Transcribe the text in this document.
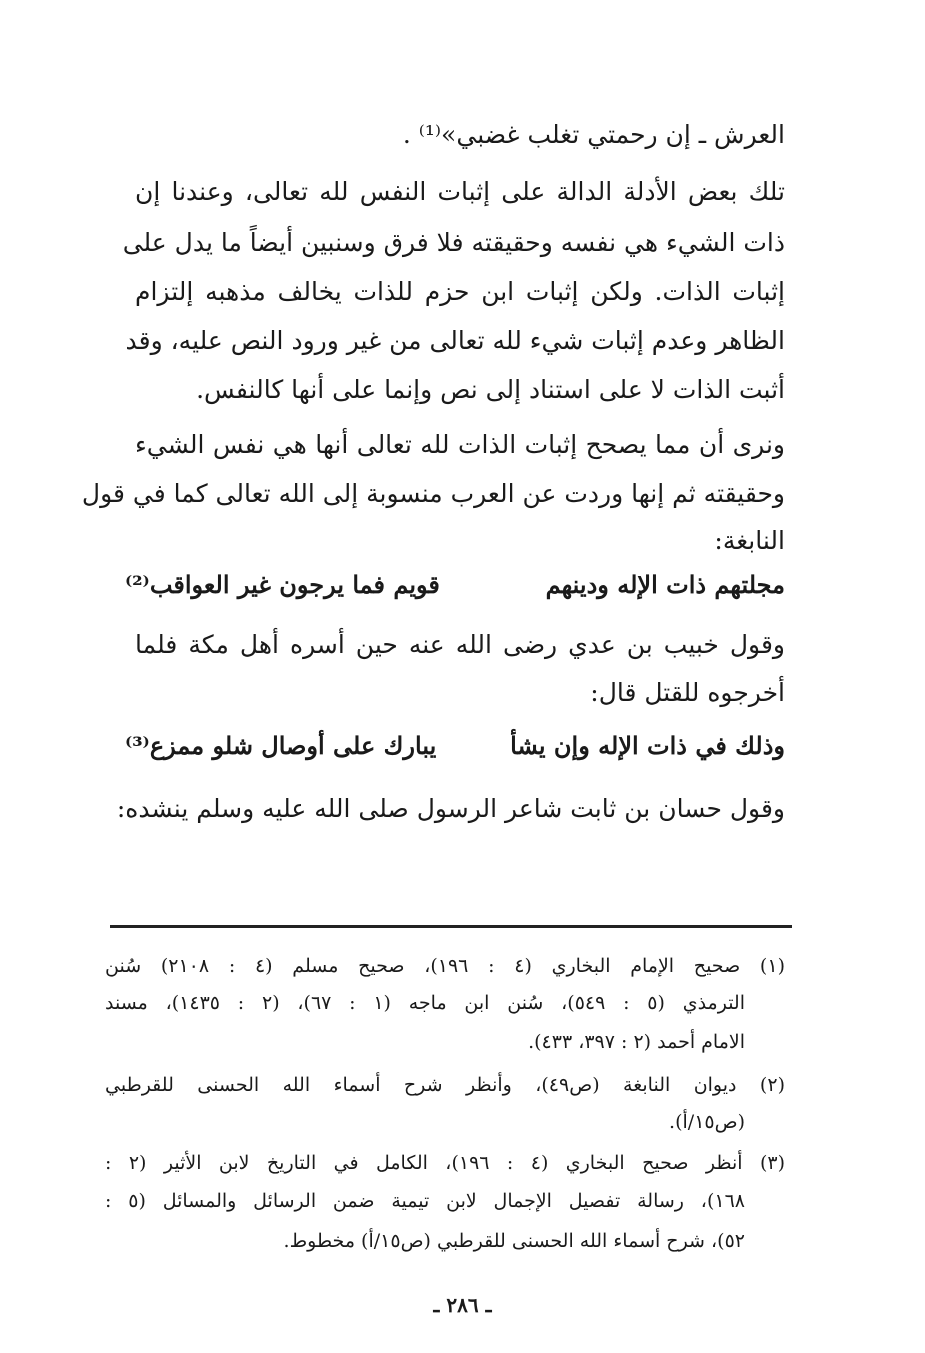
العرش ـ إن رحمتي تغلب غضبي»⁽¹⁾ .
تلك بعض الأدلة الدالة على إثبات النفس لله تعالى، وعندنا إن
ذات الشيء هي نفسه وحقيقته فلا فرق وسنبين أيضاً ما يدل على
إثبات الذات. ولكن إثبات ابن حزم للذات يخالف مذهبه إلتزام
الظاهر وعدم إثبات شيء لله تعالى من غير ورود النص عليه، وقد
أثبت الذات لا على استناد إلى نص وإنما على أنها كالنفس.
ونرى أن مما يصحح إثبات الذات لله تعالى أنها هي نفس الشيء
وحقيقته ثم إنها وردت عن العرب منسوبة إلى الله تعالى كما في قول
النابغة:
مجلتهم ذات الإله ودينهم
قويم فما يرجون غير العواقب⁽²⁾
وقول خبيب بن عدي رضى الله عنه حين أسره أهل مكة فلما
أخرجوه للقتل قال:
وذلك في ذات الإله وإن يشأ
يبارك على أوصال شلو ممزع⁽³⁾
وقول حسان بن ثابت شاعر الرسول صلى الله عليه وسلم ينشده:
(١) صحيح الإمام البخاري (٤ : ١٩٦)، صحيح مسلم (٤ : ٢١٠٨) سُنن
الترمذي (٥ : ٥٤٩)، سُنن ابن ماجه (١ : ٦٧)، (٢ : ١٤٣٥)، مسند
الامام أحمد (٢ : ٣٩٧، ٤٣٣).
(٢) ديوان النابغة (ص٤٩)، وأنظر شرح أسماء الله الحسنى للقرطبي
(ص١٥/أ).
(٣) أنظر صحيح البخاري (٤ : ١٩٦)، الكامل في التاريخ لابن الأثير (٢ :
١٦٨)، رسالة تفصيل الإجمال لابن تيمية ضمن الرسائل والمسائل (٥ :
٥٢)، شرح أسماء الله الحسنى للقرطبي (ص١٥/أ) مخطوط.
ـ ٢٨٦ ـ
